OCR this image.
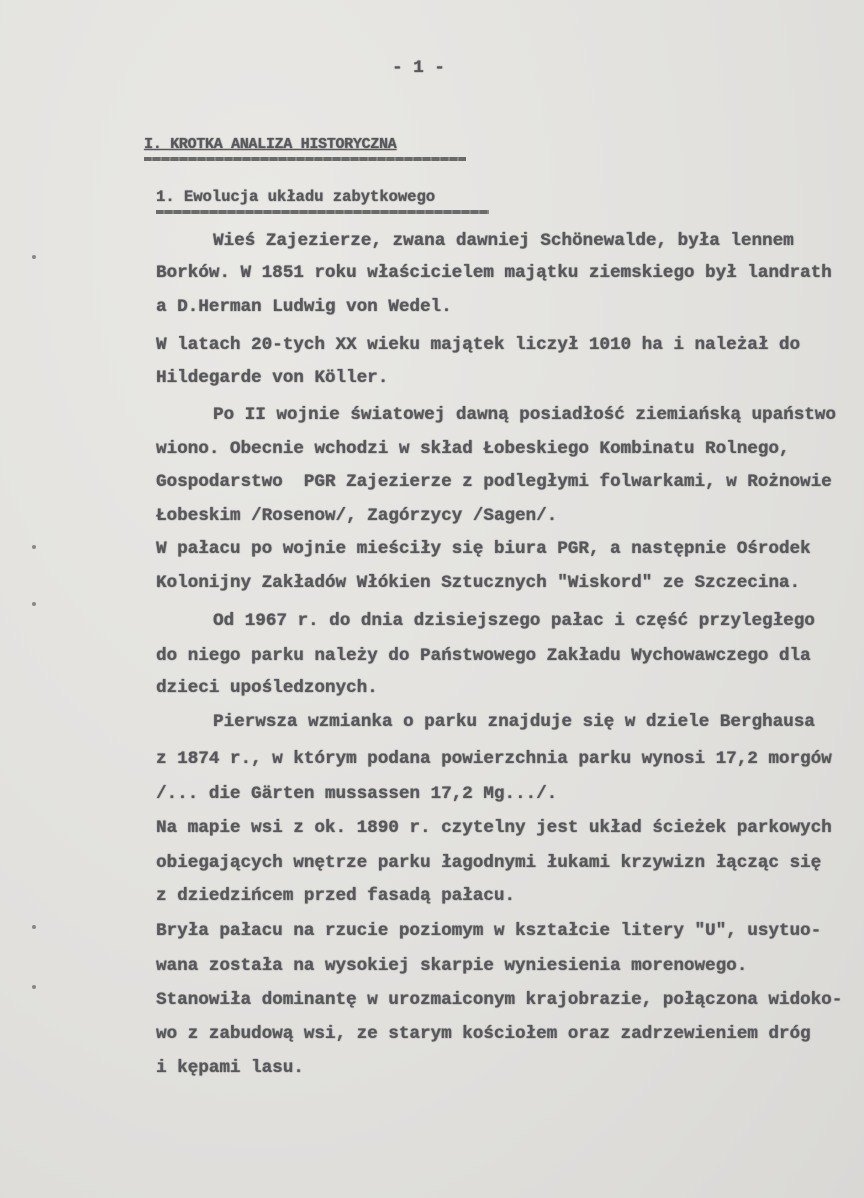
- 1 -
I. KROTKA ANALIZA HISTORYCZNA
1. Ewolucja układu zabytkowego
Wieś Zajezierze, zwana dawniej Schönewalde, była lennem
Borków. W 1851 roku właścicielem majątku ziemskiego był landrath
a D.Herman Ludwig von Wedel.
W latach 20-tych XX wieku majątek liczył 1010 ha i należał do
Hildegarde von Köller.
Po II wojnie światowej dawną posiadłość ziemiańską upaństwo
wiono. Obecnie wchodzi w skład Łobeskiego Kombinatu Rolnego,
Gospodarstwo  PGR Zajezierze z podległymi folwarkami, w Rożnowie
Łobeskim /Rosenow/, Zagórzycy /Sagen/.
W pałacu po wojnie mieściły się biura PGR, a następnie Ośrodek
Kolonijny Zakładów Włókien Sztucznych "Wiskord" ze Szczecina.
Od 1967 r. do dnia dzisiejszego pałac i część przyległego
do niego parku należy do Państwowego Zakładu Wychowawczego dla
dzieci upośledzonych.
Pierwsza wzmianka o parku znajduje się w dziele Berghausa
z 1874 r., w którym podana powierzchnia parku wynosi 17,2 morgów
/... die Gärten mussassen 17,2 Mg.../.
Na mapie wsi z ok. 1890 r. czytelny jest układ ścieżek parkowych
obiegających wnętrze parku łagodnymi łukami krzywizn łącząc się
z dziedzińcem przed fasadą pałacu.
Bryła pałacu na rzucie poziomym w kształcie litery "U", usytuo-
wana została na wysokiej skarpie wyniesienia morenowego.
Stanowiła dominantę w urozmaiconym krajobrazie, połączona widoko-
wo z zabudową wsi, ze starym kościołem oraz zadrzewieniem dróg
i kępami lasu.
